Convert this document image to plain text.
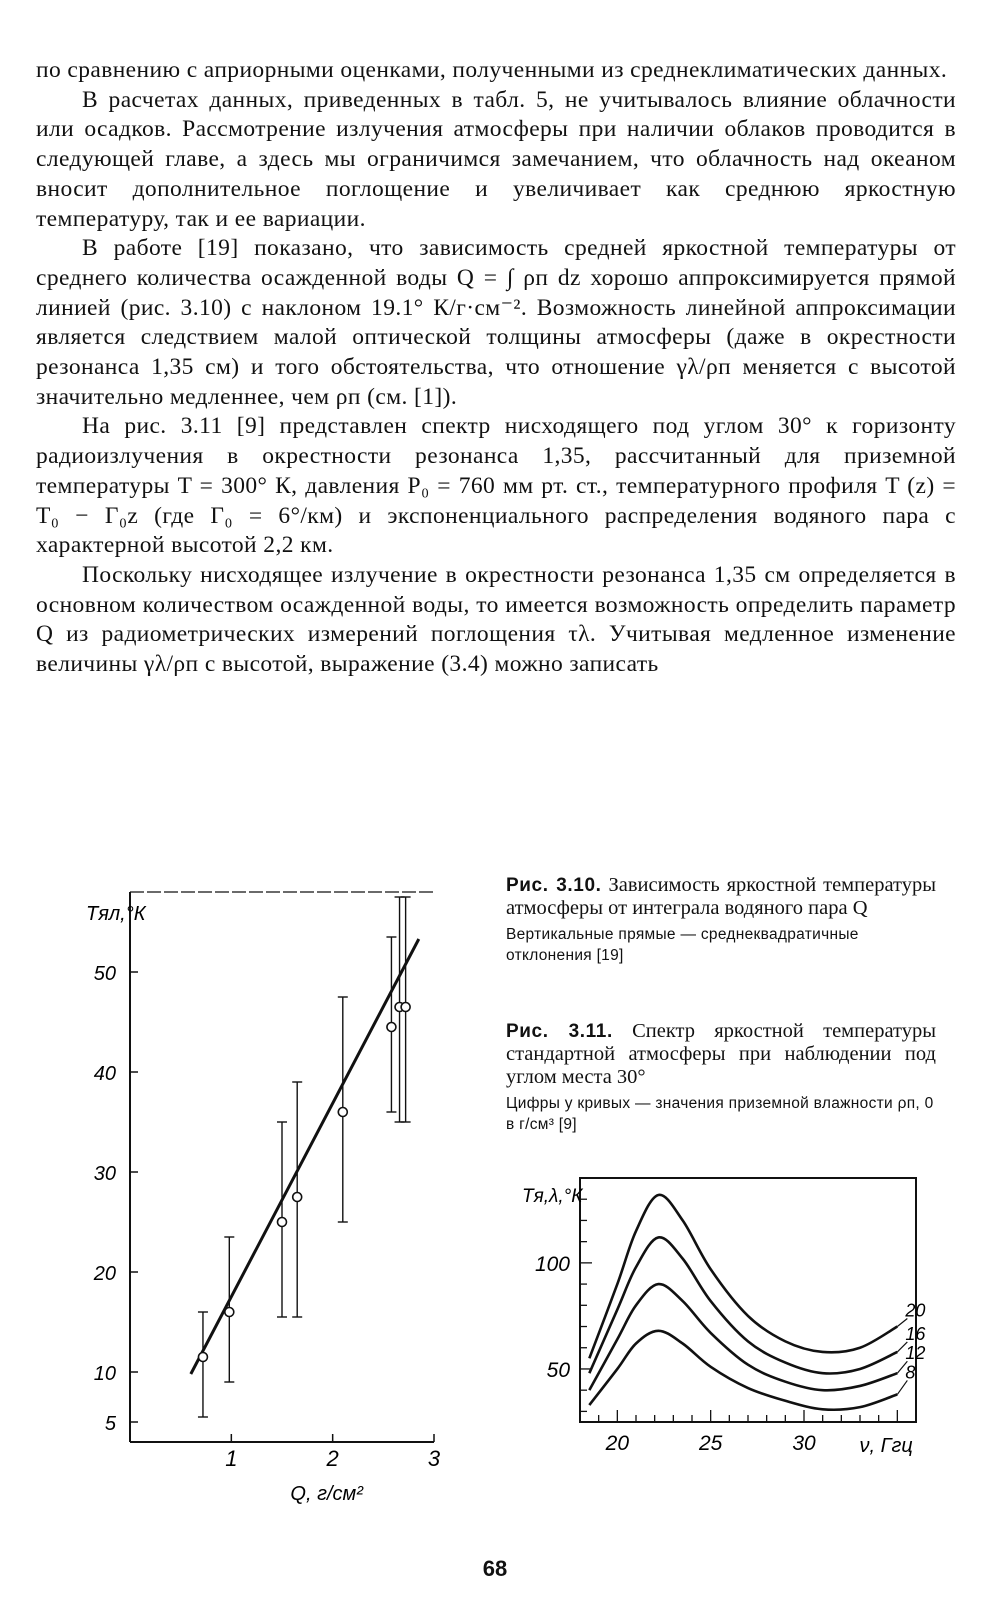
по сравнению с априорными оценками, полученными из среднеклиматических данных.

В расчетах данных, приведенных в табл. 5, не учитывалось влияние облачности или осадков. Рассмотрение излучения атмосферы при наличии облаков проводится в следующей главе, а здесь мы ограничимся замечанием, что облачность над океаном вносит дополнительное поглощение и увеличивает как среднюю яркостную температуру, так и ее вариации.

В работе [19] показано, что зависимость средней яркостной температуры от среднего количества осажденной воды Q = ∫ ρп dz хорошо аппроксимируется прямой линией (рис. 3.10) с наклоном 19.1° К/г·см⁻². Возможность линейной аппроксимации является следствием малой оптической толщины атмосферы (даже в окрестности резонанса 1,35 см) и того обстоятельства, что отношение γλ/ρп меняется с высотой значительно медленнее, чем ρп (см. [1]).

На рис. 3.11 [9] представлен спектр нисходящего под углом 30° к горизонту радиоизлучения в окрестности резонанса 1,35, рассчитанный для приземной температуры T = 300° К, давления P₀ = 760 мм рт. ст., температурного профиля T (z) = T₀ − Γ₀z (где Γ₀ = 6°/км) и экспоненциального распределения водяного пара с характерной высотой 2,2 км.

Поскольку нисходящее излучение в окрестности резонанса 1,35 см определяется в основном количеством осажденной воды, то имеется возможность определить параметр Q из радиометрических измерений поглощения τλ. Учитывая медленное изменение величины γλ/ρп с высотой, выражение (3.4) можно записать

5
10
20
30
40
50
1	2	3
Tял,°К
Q, г/см²

Рис. 3.10. Зависимость яркостной температуры атмосферы от интеграла водяного пара Q

Вертикальные прямые — среднеквадратичные отклонения [19]

Рис. 3.11. Спектр яркостной температуры стандартной атмосферы при наблюдении под углом места 30°

Цифры у кривых — значения приземной влажности ρп, 0 в г/см³ [9]

50
100
20	25	30
Tя,λ,°К
ν, Ггц
20
16
12
8
68
